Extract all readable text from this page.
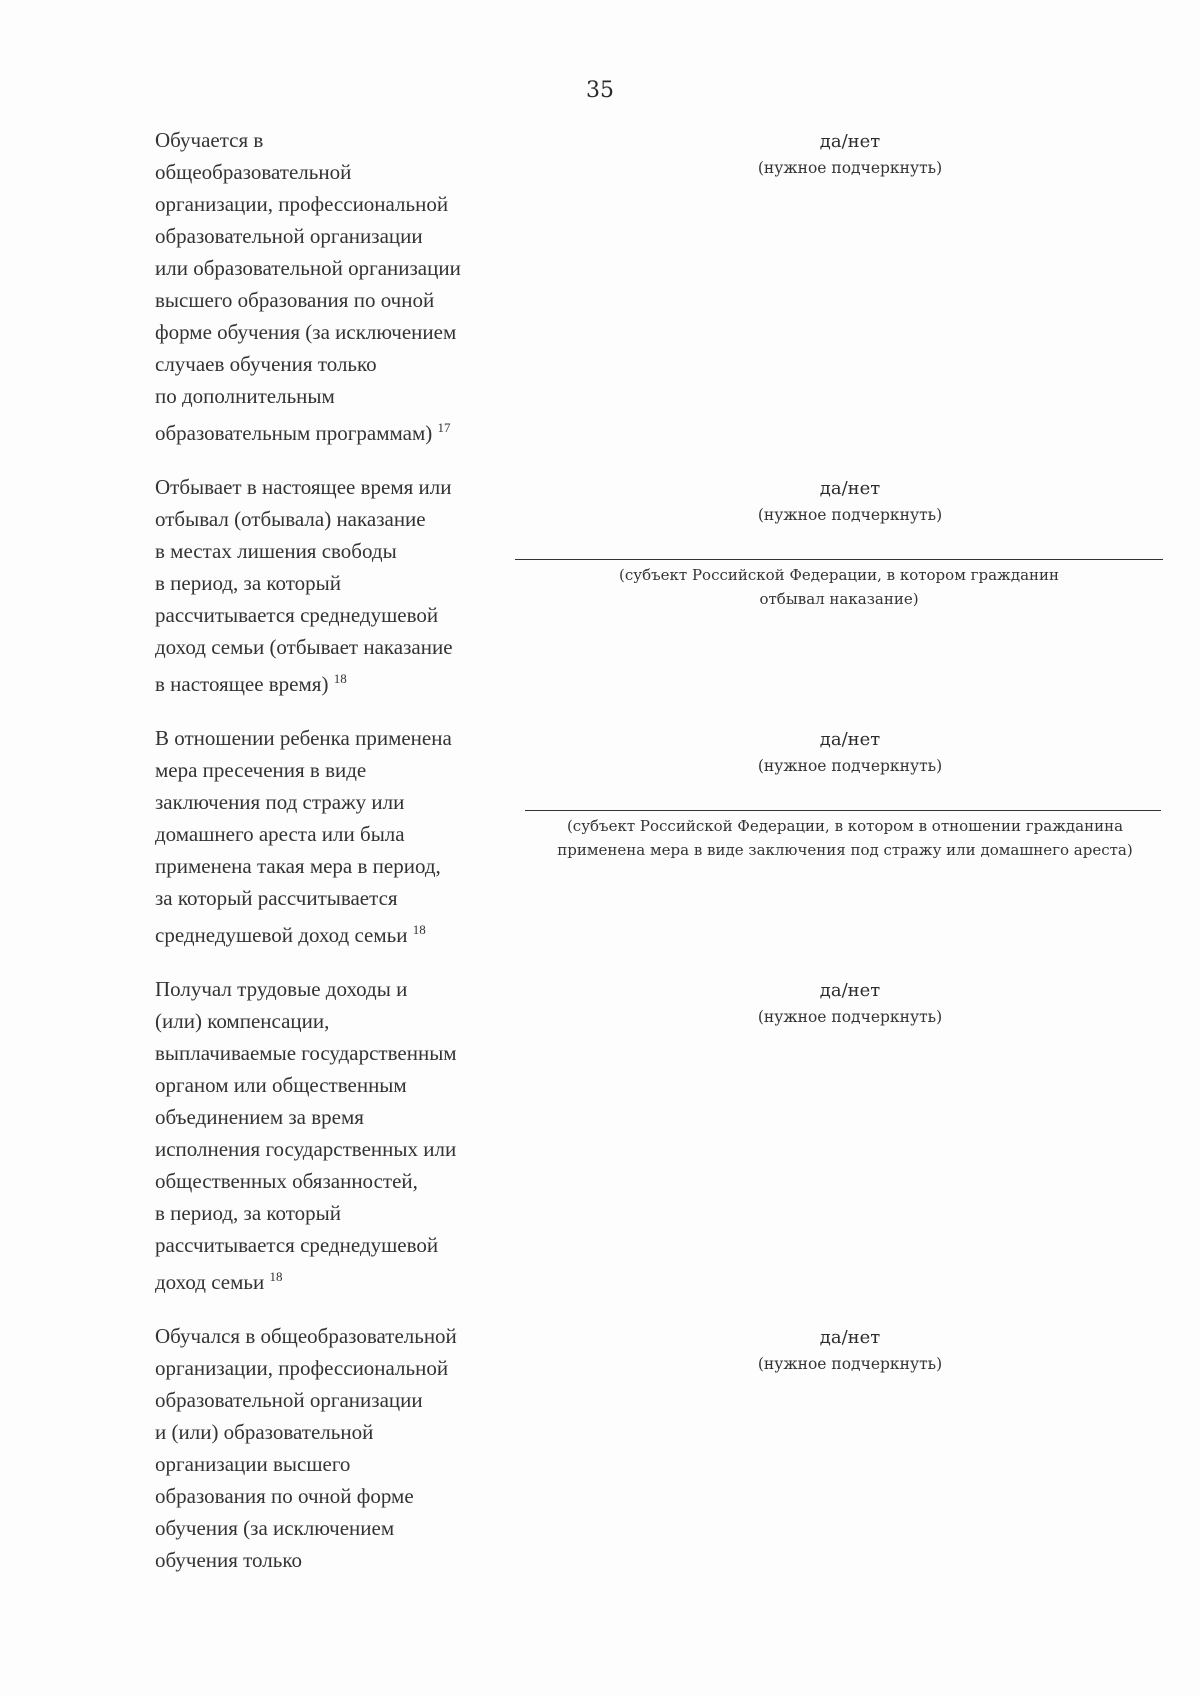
35
Обучается в
общеобразовательной
организации, профессиональной
образовательной организации
или образовательной организации
высшего образования по очной
форме обучения (за исключением
случаев обучения только
по дополнительным
образовательным программам) $^{17}$
да/нет
(нужное подчеркнуть)
Отбывает в настоящее время или
отбывал (отбывала) наказание
в местах лишения свободы
в период, за который
рассчитывается среднедушевой
доход семьи (отбывает наказание
в настоящее время) $^{18}$
да/нет
(нужное подчеркнуть)
(субъект Российской Федерации, в котором гражданин
отбывал наказание)
В отношении ребенка применена
мера пресечения в виде
заключения под стражу или
домашнего ареста или была
применена такая мера в период,
за который рассчитывается
среднедушевой доход семьи $^{18}$
да/нет
(нужное подчеркнуть)
(субъект Российской Федерации, в котором в отношении гражданина
применена мера в виде заключения под стражу или домашнего ареста)
Получал трудовые доходы и
(или) компенсации,
выплачиваемые государственным
органом или общественным
объединением за время
исполнения государственных или
общественных обязанностей,
в период, за который
рассчитывается среднедушевой
доход семьи $^{18}$
да/нет
(нужное подчеркнуть)
Обучался в общеобразовательной
организации, профессиональной
образовательной организации
и (или) образовательной
организации высшего
образования по очной форме
обучения (за исключением
обучения только
да/нет
(нужное подчеркнуть)
